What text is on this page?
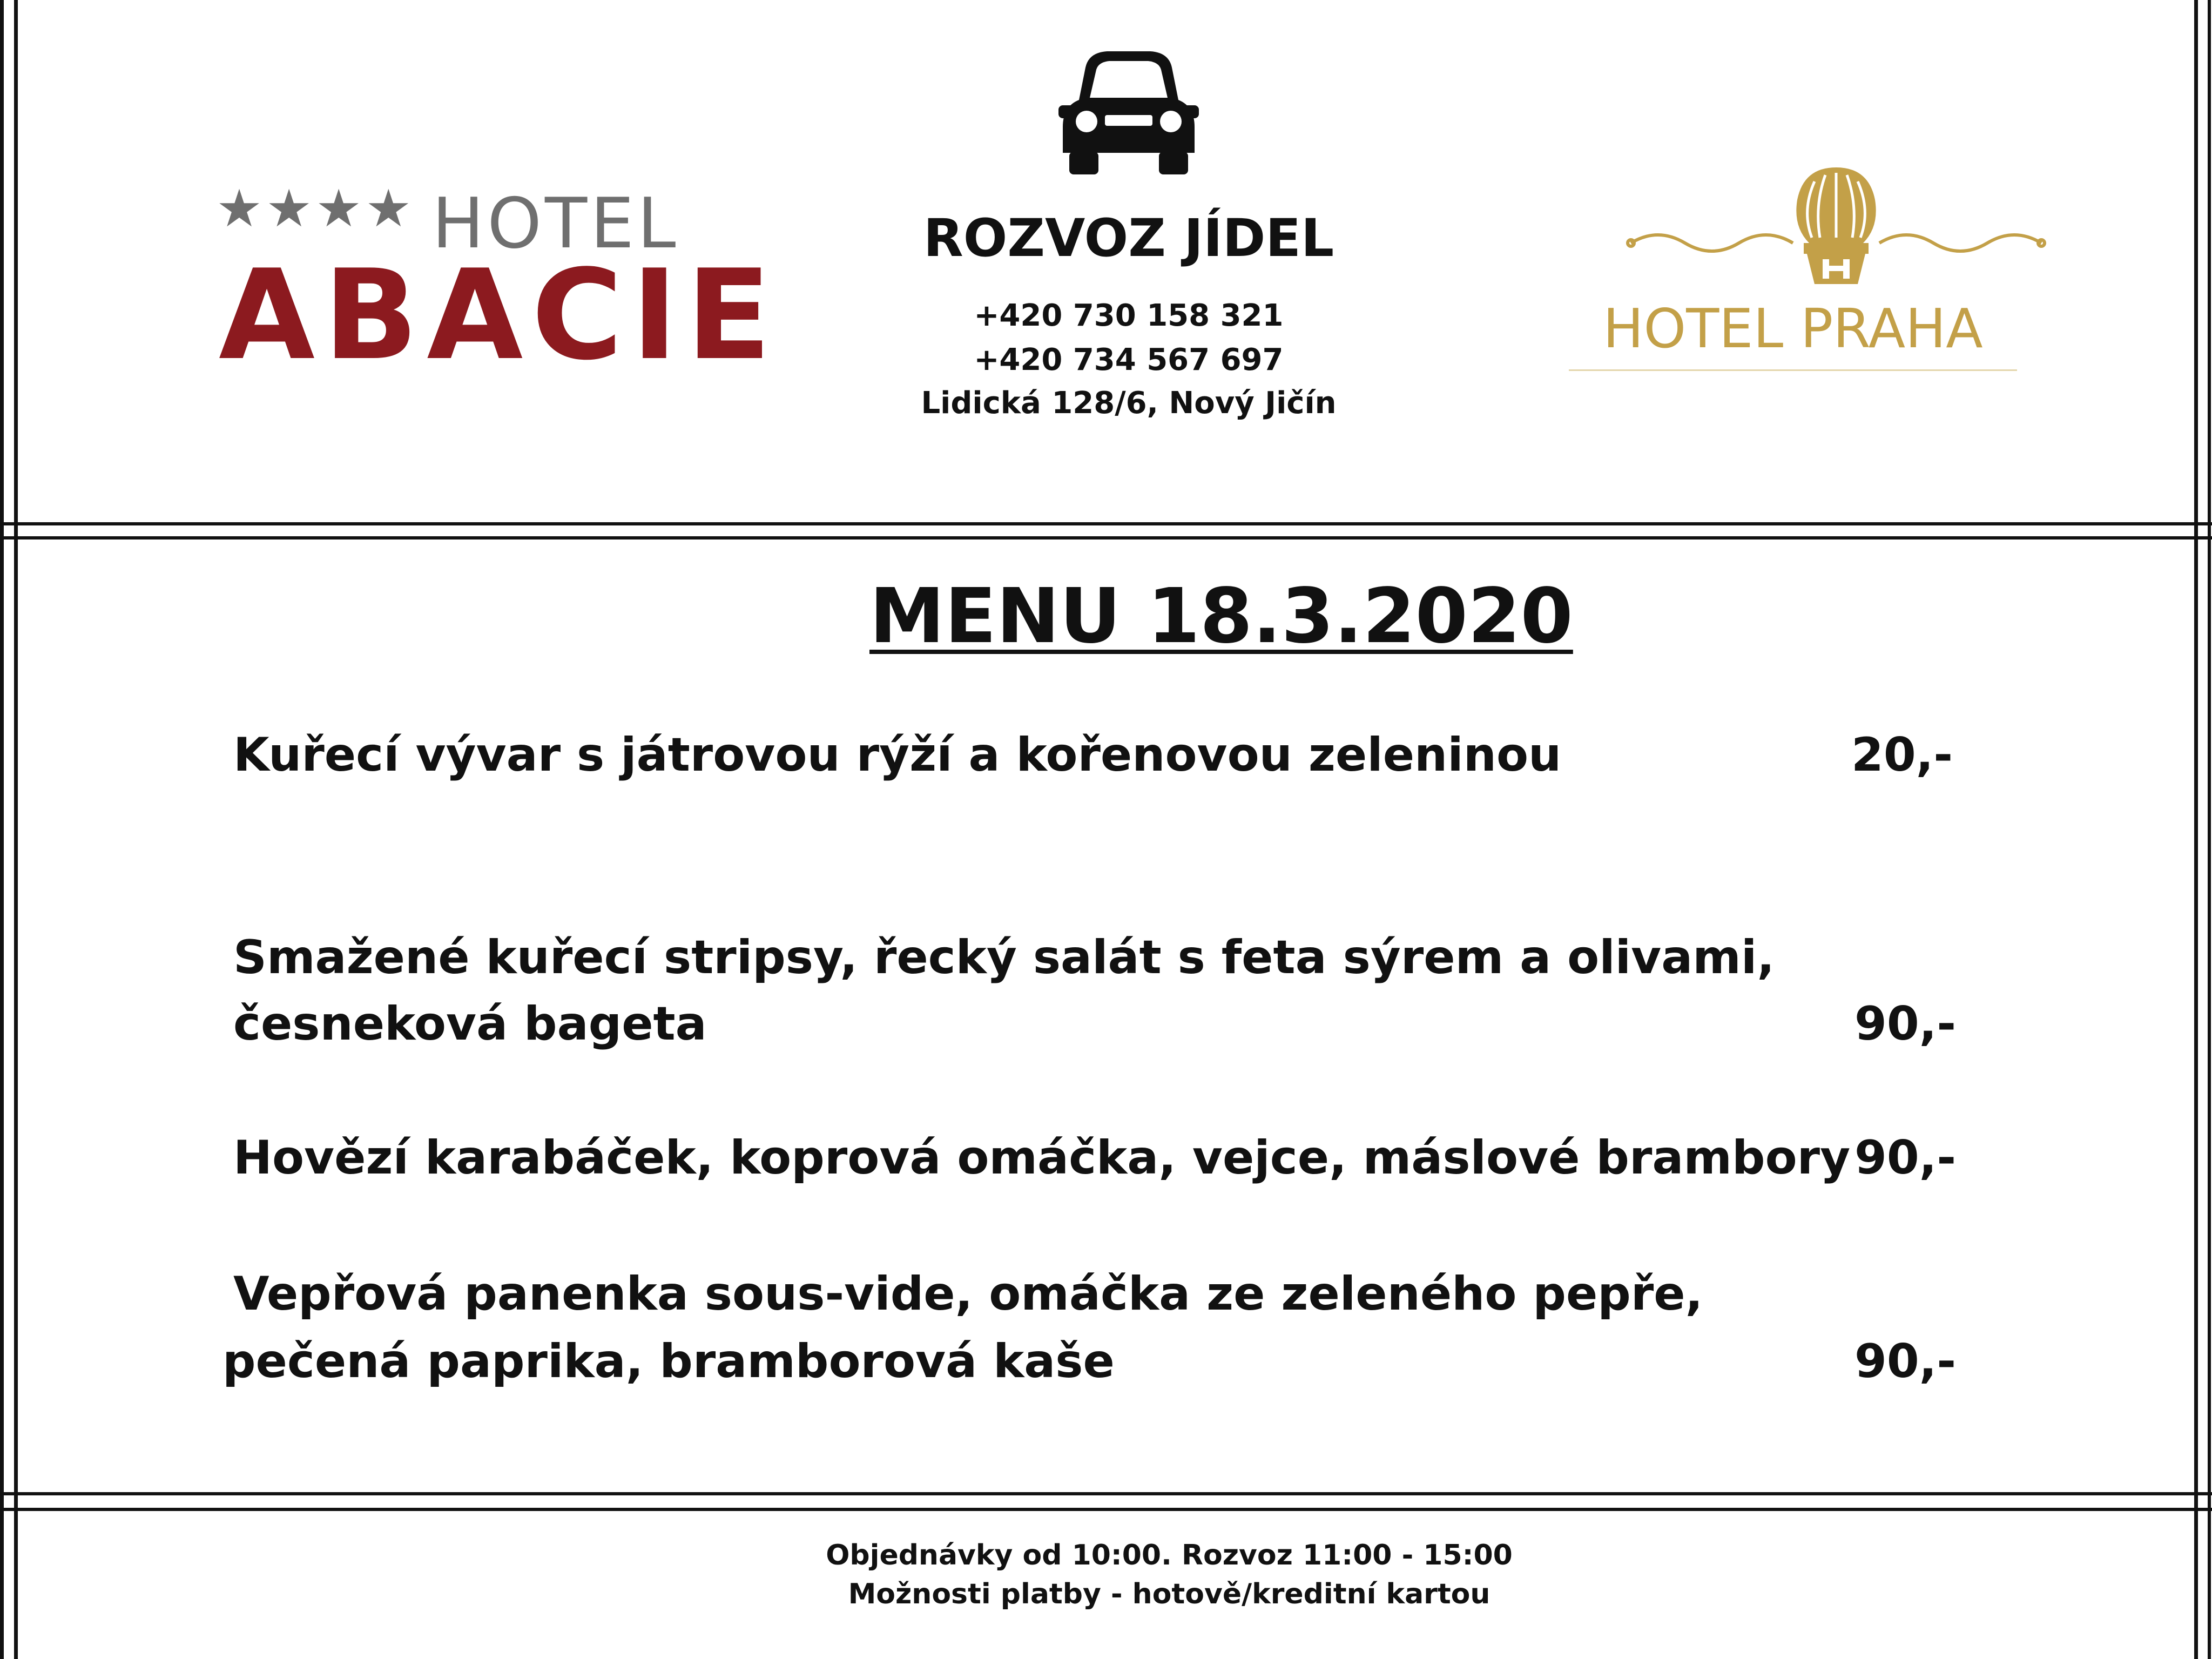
★★★★ HOTEL
ABACIE
ROZVOZ JÍDEL
+420 730 158 321
+420 734 567 697
Lidická 128/6, Nový Jičín
HOTEL PRAHA
MENU 18.3.2020
Kuřecí vývar s játrovou rýží a kořenovou zeleninou	20,-
Smažené kuřecí stripsy, řecký salát s feta sýrem a olivami,
česneková bageta	90,-
Hovězí karabáček, koprová omáčka, vejce, máslové brambory 90,-
Vepřová panenka sous-vide, omáčka ze zeleného pepře,
pečená paprika, bramborová kaše	90,-
Objednávky od 10:00. Rozvoz 11:00 - 15:00
Možnosti platby - hotově/kreditní kartou
